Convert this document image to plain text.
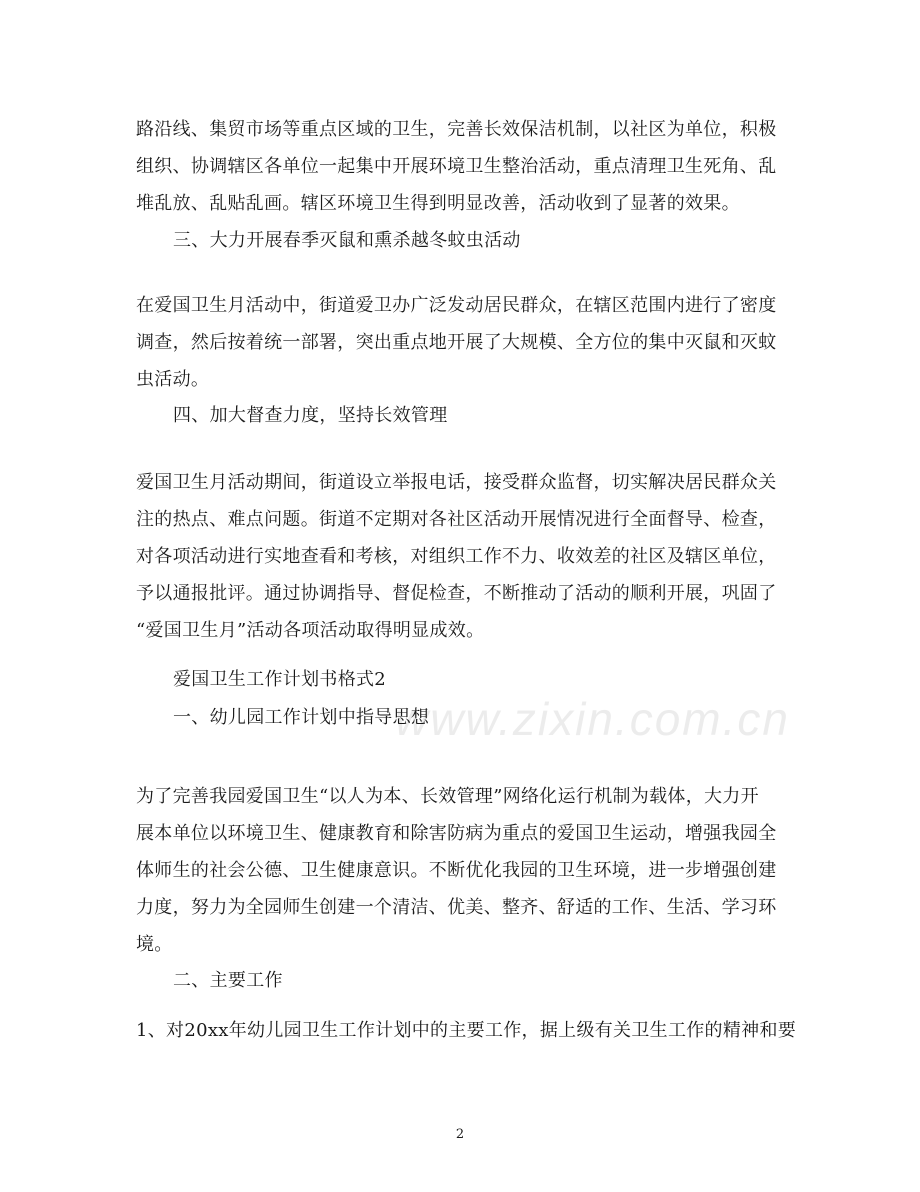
www.zixin.com.cn
路沿线、集贸市场等重点区域的卫生，完善长效保洁机制，以社区为单位，积极
组织、协调辖区各单位一起集中开展环境卫生整治活动，重点清理卫生死角、乱
堆乱放、乱贴乱画。辖区环境卫生得到明显改善，活动收到了显著的效果。
三、大力开展春季灭鼠和熏杀越冬蚊虫活动
在爱国卫生月活动中，街道爱卫办广泛发动居民群众，在辖区范围内进行了密度
调查，然后按着统一部署，突出重点地开展了大规模、全方位的集中灭鼠和灭蚊
虫活动。
四、加大督查力度，坚持长效管理
爱国卫生月活动期间，街道设立举报电话，接受群众监督，切实解决居民群众关
注的热点、难点问题。街道不定期对各社区活动开展情况进行全面督导、检查，
对各项活动进行实地查看和考核，对组织工作不力、收效差的社区及辖区单位，
予以通报批评。通过协调指导、督促检查，不断推动了活动的顺利开展，巩固了
“爱国卫生月”活动各项活动取得明显成效。
爱国卫生工作计划书格式2
一、幼儿园工作计划中指导思想
为了完善我园爱国卫生“以人为本、长效管理”网络化运行机制为载体，大力开
展本单位以环境卫生、健康教育和除害防病为重点的爱国卫生运动，增强我园全
体师生的社会公德、卫生健康意识。不断优化我园的卫生环境，进一步增强创建
力度，努力为全园师生创建一个清洁、优美、整齐、舒适的工作、生活、学习环
境。
二、主要工作
1、对20xx年幼儿园卫生工作计划中的主要工作，据上级有关卫生工作的精神和要
2
